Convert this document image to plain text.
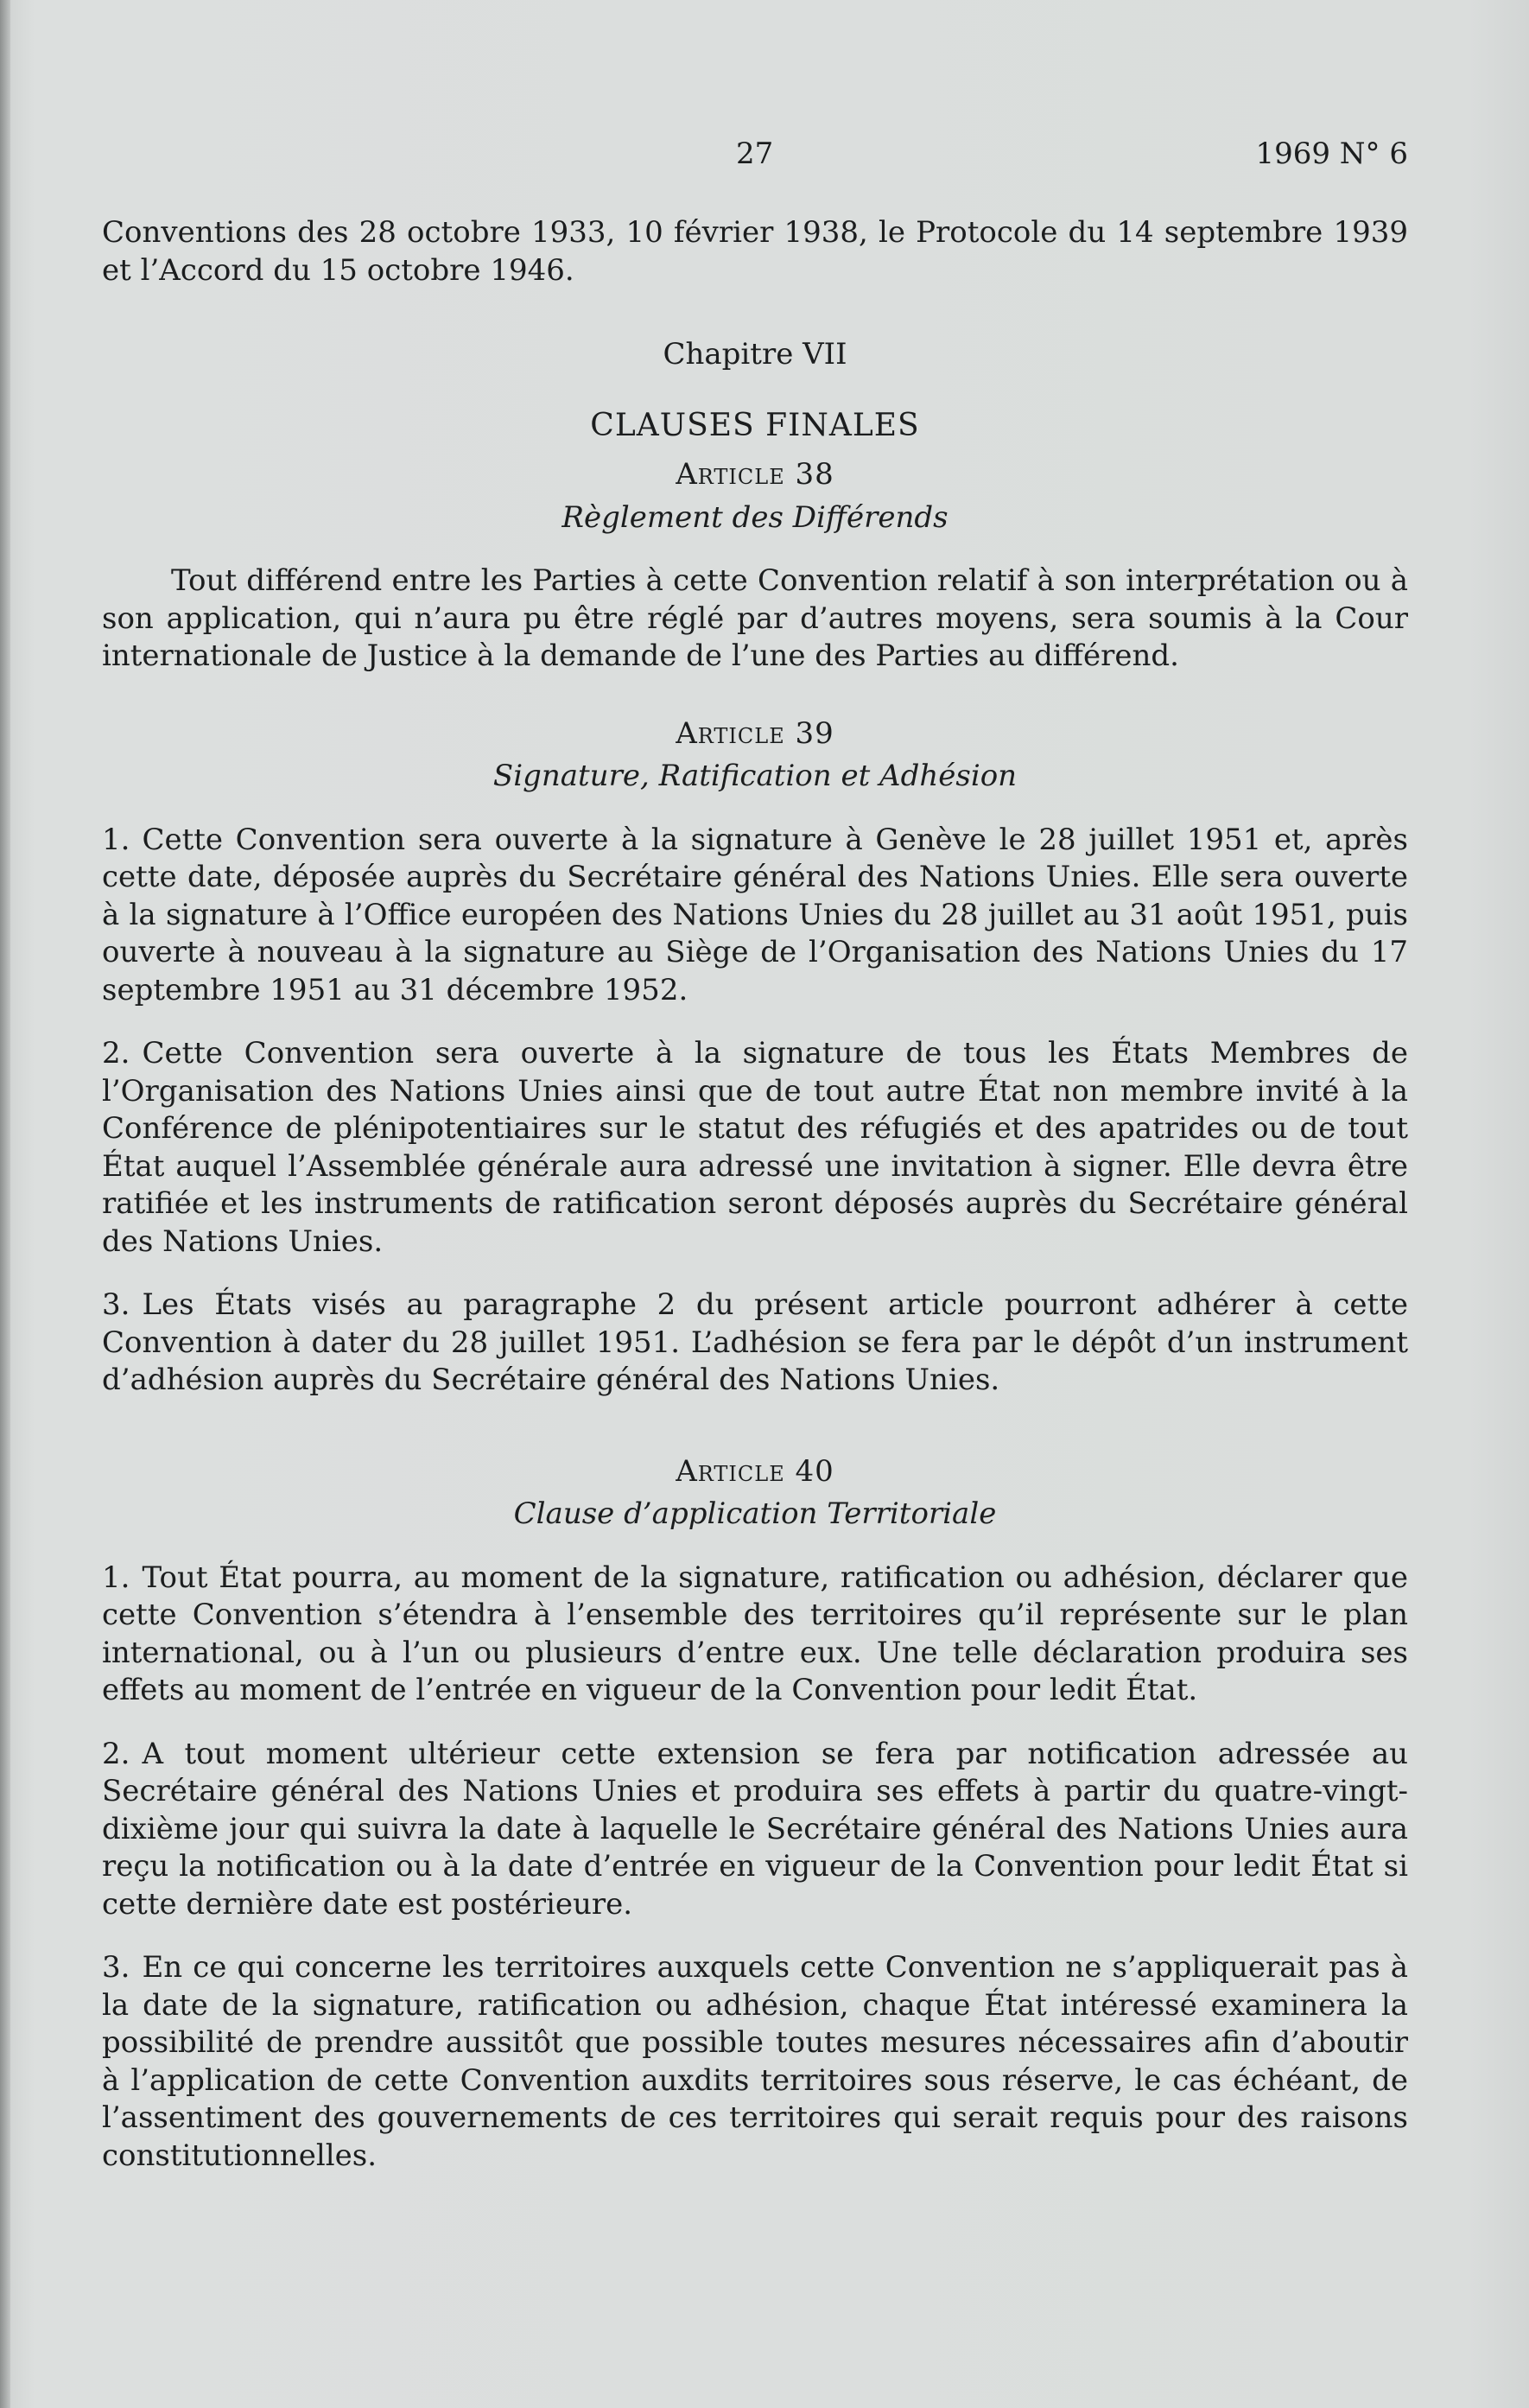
27	1969 N° 6

Conventions des 28 octobre 1933, 10 février 1938, le Protocole du 14 septembre 1939 et l’Accord du 15 octobre 1946.

Chapitre VII

CLAUSES FINALES

Article 38

Règlement des Différends

Tout différend entre les Parties à cette Convention relatif à son interprétation ou à son application, qui n’aura pu être réglé par d’autres moyens, sera soumis à la Cour internationale de Justice à la demande de l’une des Parties au différend.

Article 39

Signature, Ratification et Adhésion

1. Cette Convention sera ouverte à la signature à Genève le 28 juillet 1951 et, après cette date, déposée auprès du Secrétaire général des Nations Unies. Elle sera ouverte à la signature à l’Office européen des Nations Unies du 28 juillet au 31 août 1951, puis ouverte à nouveau à la signature au Siège de l’Organisation des Nations Unies du 17 septembre 1951 au 31 décembre 1952.

2. Cette Convention sera ouverte à la signature de tous les États Membres de l’Organisation des Nations Unies ainsi que de tout autre État non membre invité à la Conférence de plénipotentiaires sur le statut des réfugiés et des apatrides ou de tout État auquel l’Assemblée générale aura adressé une invitation à signer. Elle devra être ratifiée et les instruments de ratification seront déposés auprès du Secrétaire général des Nations Unies.

3. Les États visés au paragraphe 2 du présent article pourront adhérer à cette Convention à dater du 28 juillet 1951. L’adhésion se fera par le dépôt d’un instrument d’adhésion auprès du Secrétaire général des Nations Unies.

Article 40

Clause d’application Territoriale

1. Tout État pourra, au moment de la signature, ratification ou adhésion, déclarer que cette Convention s’étendra à l’ensemble des territoires qu’il représente sur le plan international, ou à l’un ou plusieurs d’entre eux. Une telle déclaration produira ses effets au moment de l’entrée en vigueur de la Convention pour ledit État.

2. A tout moment ultérieur cette extension se fera par notification adressée au Secrétaire général des Nations Unies et produira ses effets à partir du quatre-vingt-dixième jour qui suivra la date à laquelle le Secrétaire général des Nations Unies aura reçu la notification ou à la date d’entrée en vigueur de la Convention pour ledit État si cette dernière date est postérieure.

3. En ce qui concerne les territoires auxquels cette Convention ne s’appliquerait pas à la date de la signature, ratification ou adhésion, chaque État intéressé examinera la possibilité de prendre aussitôt que possible toutes mesures nécessaires afin d’aboutir à l’application de cette Convention auxdits territoires sous réserve, le cas échéant, de l’assentiment des gouvernements de ces territoires qui serait requis pour des raisons constitutionnelles.
